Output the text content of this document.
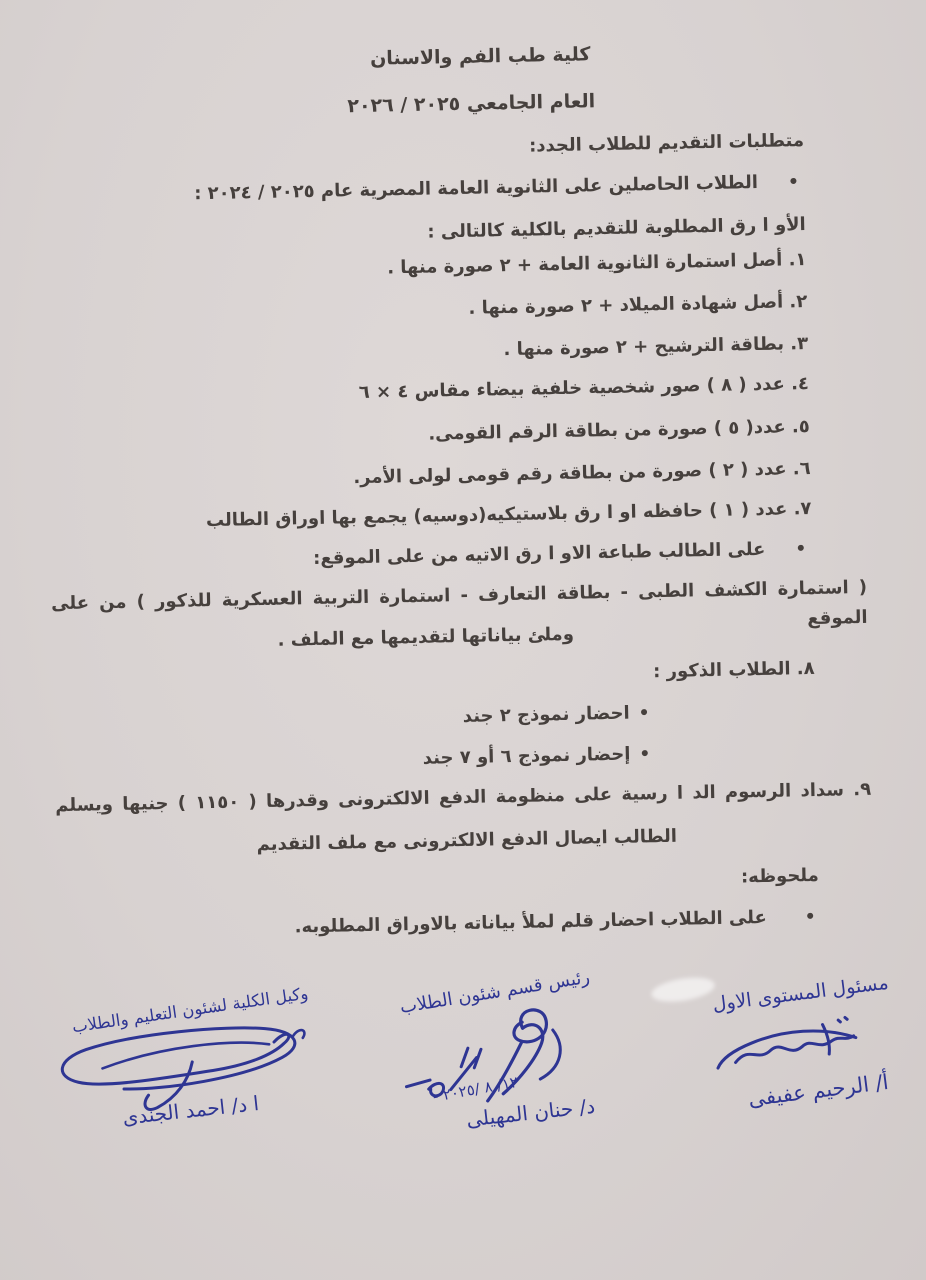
كلية طب الفم والاسنان
العام الجامعي ٢٠٢٥ / ٢٠٢٦
متطلبات التقديم للطلاب الجدد:
•الطلاب الحاصلين على الثانوية العامة المصرية عام ٢٠٢٥ / ٢٠٢٤ :
الأو ا رق المطلوبة للتقديم بالكلية كالتالى :
١. أصل استمارة الثانوية العامة + ٢ صورة منها .
٢. أصل شهادة الميلاد + ٢ صورة منها .
٣. بطاقة الترشيح + ٢ صورة منها .
٤. عدد ( ٨ ) صور شخصية خلفية بيضاء مقاس ٤ × ٦
٥. عدد( ٥ ) صورة من بطاقة الرقم القومى.
٦. عدد ( ٢ ) صورة من بطاقة رقم قومى لولى الأمر.
٧. عدد ( ١ ) حافظه او ا رق بلاستيكيه(دوسيه) يجمع بها اوراق الطالب
•على الطالب طباعة الاو ا رق الاتيه من على الموقع:
( استمارة الكشف الطبى - بطاقة التعارف - استمارة التربية العسكرية للذكور ) من على الموقع
وملئ بياناتها لتقديمها مع الملف .
٨. الطلاب الذكور :
•احضار نموذج ٢ جند
•إحضار نموذج ٦ أو ٧ جند
٩. سداد الرسوم الد ا رسية على منظومة الدفع الالكترونى وقدرها ( ١١٥٠ ) جنيها ويسلم
الطالب ايصال الدفع الالكترونى مع ملف التقديم
ملحوظه:
•على الطلاب احضار قلم لملأ بياناته بالاوراق المطلوبه.
مسئول المستوى الاول
أ/ الرحيم عفيفى
رئيس قسم شئون الطلاب
١٢/ ٨ /٢٠٢٥ -
د/ حنان المهيلى
وكيل الكلية لشئون التعليم والطلاب
ا د/ احمد الجندى
